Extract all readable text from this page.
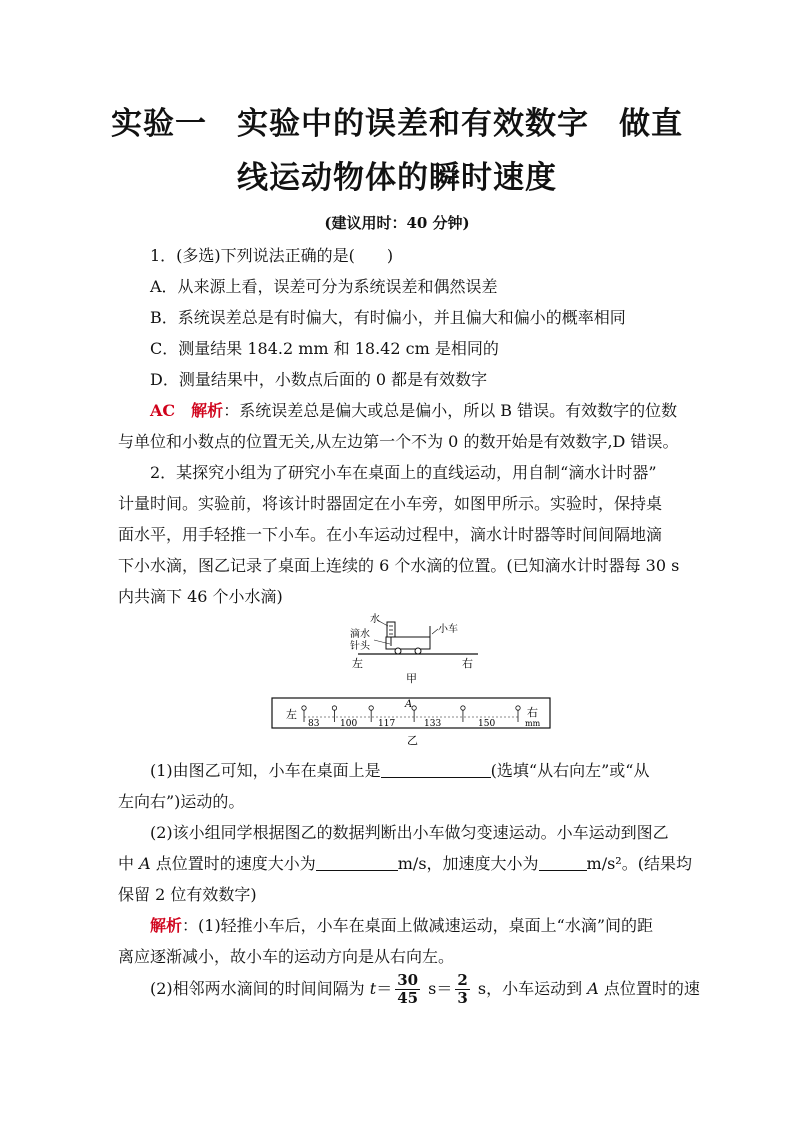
实验一 实验中的误差和有效数字 做直
线运动物体的瞬时速度
(建议用时：40 分钟)
1．(多选)下列说法正确的是(　　)
A．从来源上看，误差可分为系统误差和偶然误差
B．系统误差总是有时偏大，有时偏小，并且偏大和偏小的概率相同
C．测量结果 184.2 mm 和 18.42 cm 是相同的
D．测量结果中，小数点后面的 0 都是有效数字
AC　 解析：系统误差总是偏大或总是偏小，所以 B 错误。有效数字的位数
与单位和小数点的位置无关,从左边第一个不为 0 的数开始是有效数字,D 错误。
2．某探究小组为了研究小车在桌面上的直线运动，用自制“滴水计时器”
计量时间。实验前，将该计时器固定在小车旁，如图甲所示。实验时，保持桌
面水平，用手轻推一下小车。在小车运动过程中，滴水计时器等时间间隔地滴
下小水滴，图乙记录了桌面上连续的 6 个水滴的位置。(已知滴水计时器每 30 s
内共滴下 46 个小水滴)
水
滴水
针头
小车
左	右
甲
左	右
mm
A
83 100 117	133	150
乙
(1)由图乙可知，小车在桌面上是	(选填“从右向左”或“从
左向右”)运动的。
(2)该小组同学根据图乙的数据判断出小车做匀变速运动。小车运动到图乙
中 A 点位置时的速度大小为	m/s，加速度大小为	m/s²。(结果均
保留 2 位有效数字)
解析：(1)轻推小车后，小车在桌面上做减速运动，桌面上“水滴”间的距
离应逐渐减小，故小车的运动方向是从右向左。
(2)相邻两水滴间的时间间隔为 $t= \frac{30}{45} s= \frac{2}{3}$ s，小车运动到 A 点位置时的速
